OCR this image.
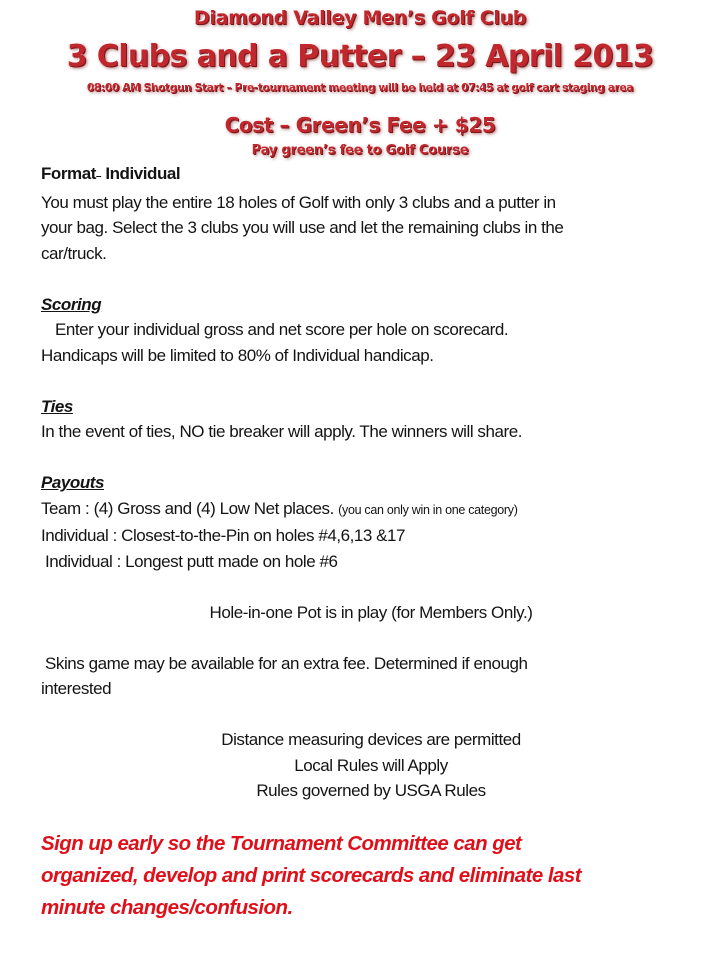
Diamond Valley Men’s Golf Club
3 Clubs and a Putter – 23 April 2013
08:00 AM Shotgun Start – Pre-tournament meeting will be held at 07:45 at golf cart staging area
Cost – Green’s Fee + $25
Pay green’s fee to Golf Course
Format– Individual
You must play the entire 18 holes of Golf with only 3 clubs and a putter in
your bag. Select the 3 clubs you will use and let the remaining clubs in the
car/truck.
Scoring
Enter your individual gross and net score per hole on scorecard.
Handicaps will be limited to 80% of Individual handicap.
Ties
In the event of ties, NO tie breaker will apply. The winners will share.
Payouts
Team : (4) Gross and (4) Low Net places. (you can only win in one category)
Individual : Closest-to-the-Pin on holes #4,6,13 &17
Individual : Longest putt made on hole #6
Hole-in-one Pot is in play (for Members Only.)
Skins game may be available for an extra fee. Determined if enough
interested
Distance measuring devices are permitted
Local Rules will Apply
Rules governed by USGA Rules
Sign up early so the Tournament Committee can get
organized, develop and print scorecards and eliminate last
minute changes/confusion.
